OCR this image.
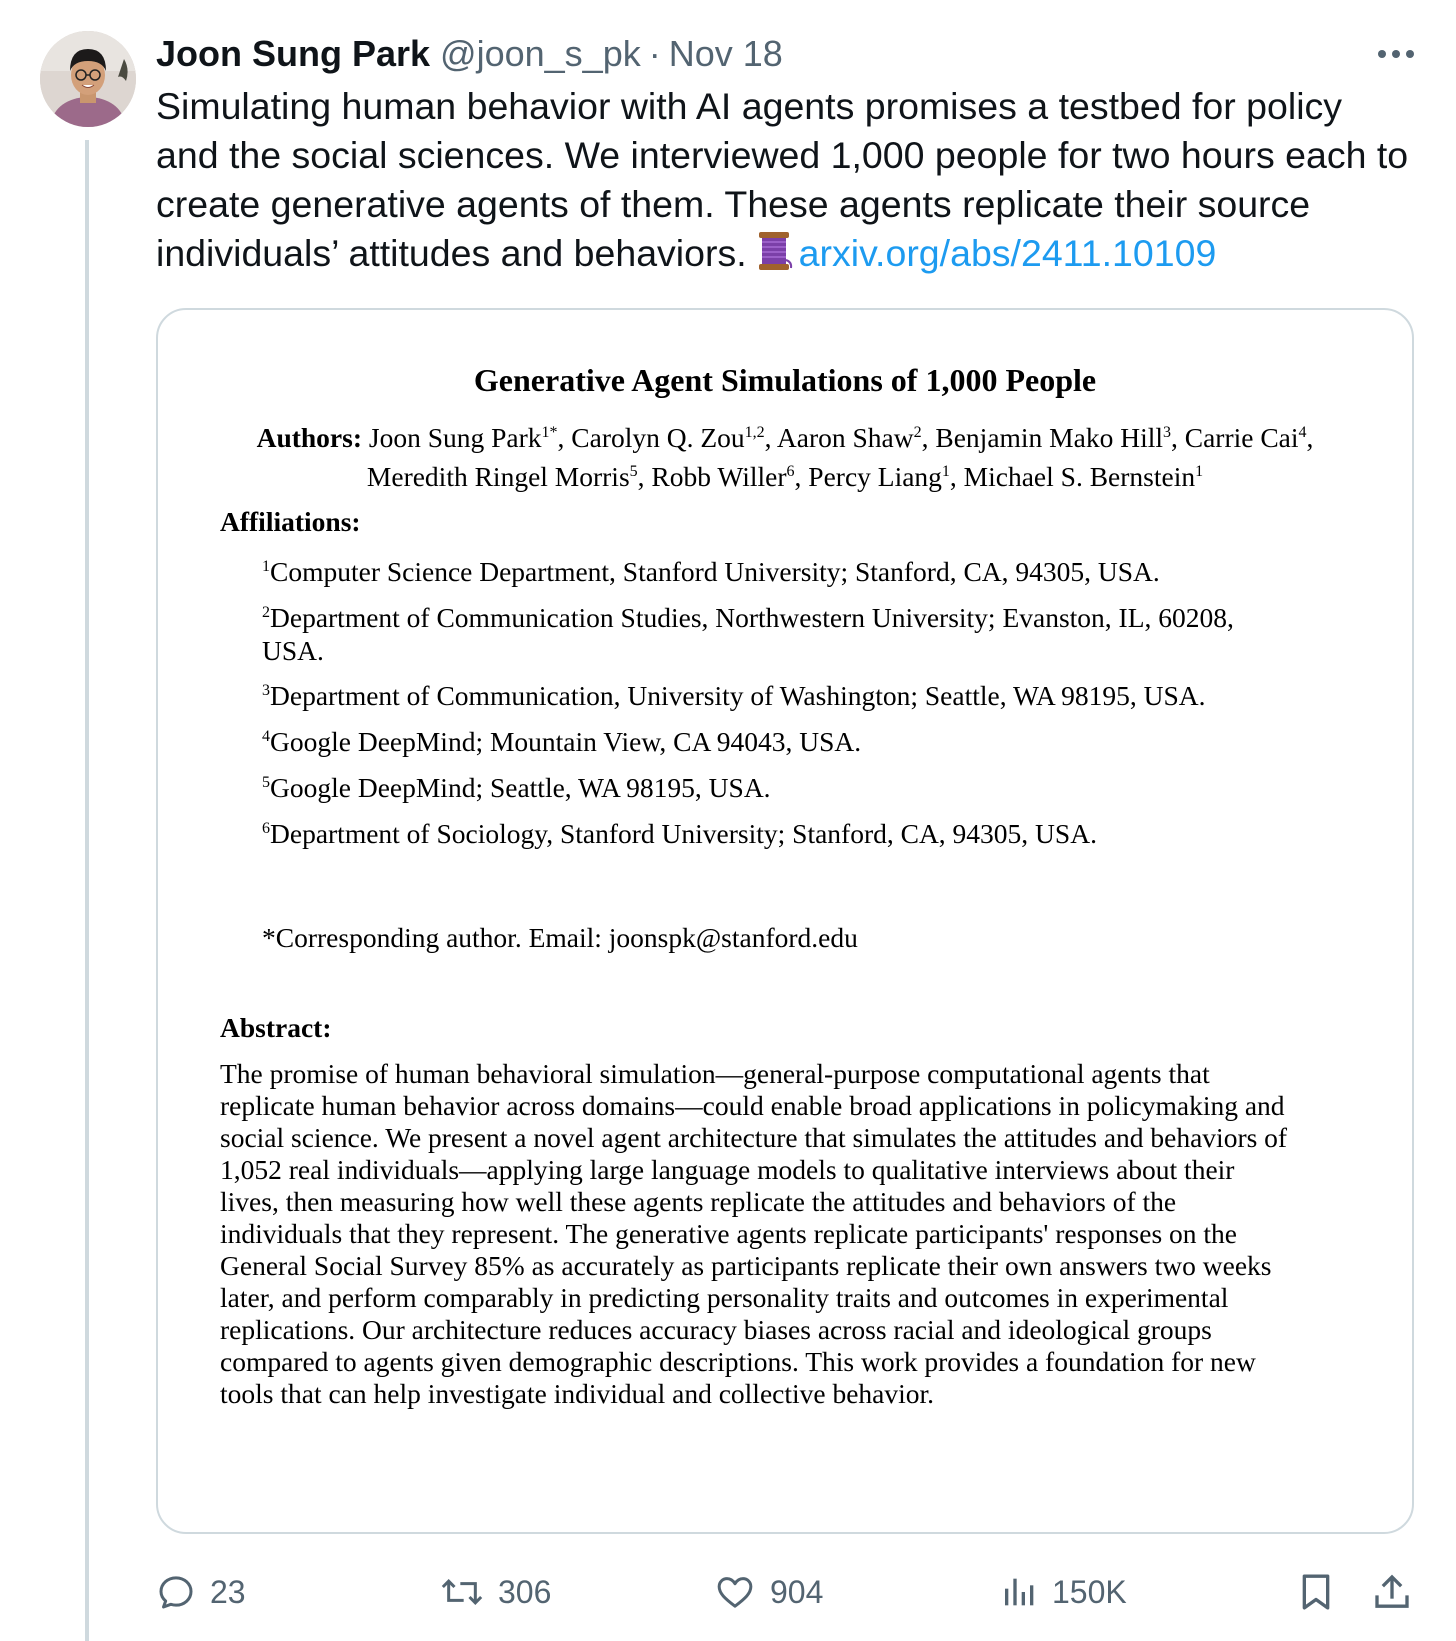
Joon Sung Park @joon_s_pk · Nov 18
Simulating human behavior with AI agents promises a testbed for policy
and the social sciences. We interviewed 1,000 people for two hours each to
create generative agents of them. These agents replicate their source
individuals’ attitudes and behaviors. arxiv.org/abs/2411.10109
Generative Agent Simulations of 1,000 People
Authors: Joon Sung Park$^{1*}$, Carolyn Q. Zou$^{1,2}$, Aaron Shaw$^2$, Benjamin Mako Hill$^3$, Carrie Cai$^4$,
Meredith Ringel Morris$^5$, Robb Willer$^6$, Percy Liang$^1$, Michael S. Bernstein$^1$
Affiliations:
$^1$Computer Science Department, Stanford University; Stanford, CA, 94305, USA.
$^2$Department of Communication Studies, Northwestern University; Evanston, IL, 60208, USA.
$^3$Department of Communication, University of Washington; Seattle, WA 98195, USA.
$^4$Google DeepMind; Mountain View, CA 94043, USA.
$^5$Google DeepMind; Seattle, WA 98195, USA.
$^6$Department of Sociology, Stanford University; Stanford, CA, 94305, USA.
*Corresponding author. Email: joonspk@stanford.edu
Abstract:
The promise of human behavioral simulation—general-purpose computational agents that
replicate human behavior across domains—could enable broad applications in policymaking and
social science. We present a novel agent architecture that simulates the attitudes and behaviors of
1,052 real individuals—applying large language models to qualitative interviews about their
lives, then measuring how well these agents replicate the attitudes and behaviors of the
individuals that they represent. The generative agents replicate participants' responses on the
General Social Survey 85% as accurately as participants replicate their own answers two weeks
later, and perform comparably in predicting personality traits and outcomes in experimental
replications. Our architecture reduces accuracy biases across racial and ideological groups
compared to agents given demographic descriptions. This work provides a foundation for new
tools that can help investigate individual and collective behavior.
23	306	904	150K
